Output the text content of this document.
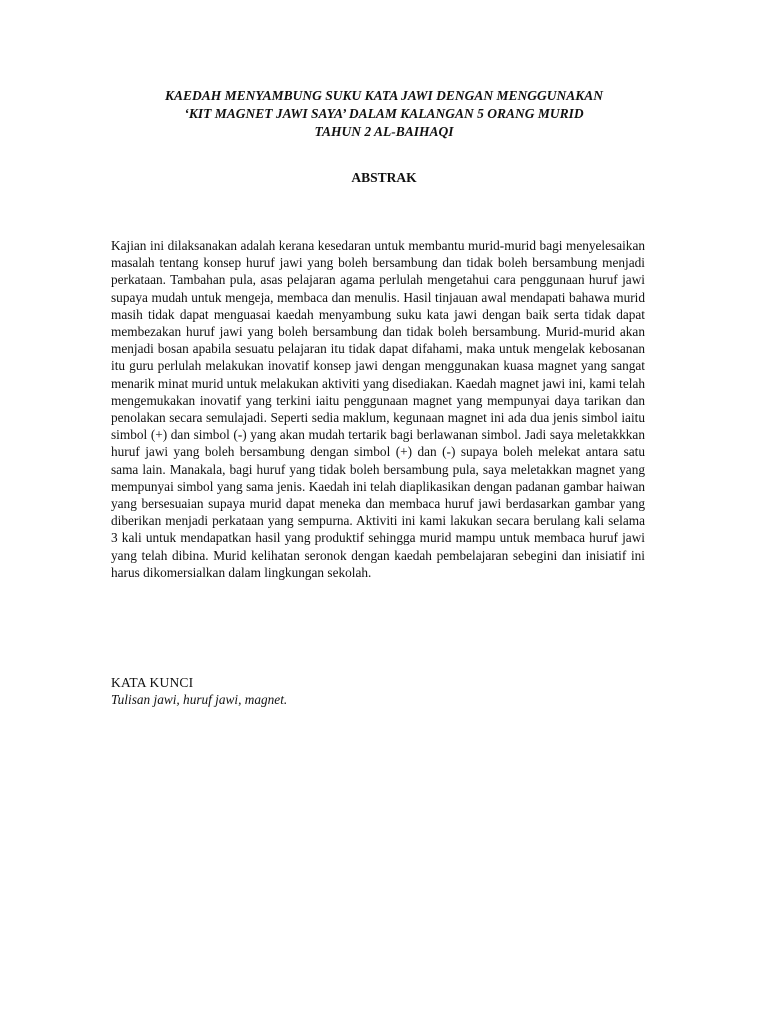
KAEDAH MENYAMBUNG SUKU KATA JAWI DENGAN MENGGUNAKAN
‘KIT MAGNET JAWI SAYA’ DALAM KALANGAN 5 ORANG MURID
TAHUN 2 AL-BAIHAQI
ABSTRAK

Kajian ini dilaksanakan adalah kerana kesedaran untuk membantu murid-murid bagi menyelesaikan masalah tentang konsep huruf jawi yang boleh bersambung dan tidak boleh bersambung menjadi perkataan. Tambahan pula, asas pelajaran agama perlulah mengetahui cara penggunaan huruf jawi supaya mudah untuk mengeja, membaca dan menulis. Hasil tinjauan awal mendapati bahawa murid masih tidak dapat menguasai kaedah menyambung suku kata jawi dengan baik serta tidak dapat membezakan huruf jawi yang boleh bersambung dan tidak boleh bersambung. Murid-murid akan menjadi bosan apabila sesuatu pelajaran itu tidak dapat difahami, maka untuk mengelak kebosanan itu guru perlulah melakukan inovatif konsep jawi dengan menggunakan kuasa magnet yang sangat menarik minat murid untuk melakukan aktiviti yang disediakan. Kaedah magnet jawi ini, kami telah mengemukakan inovatif yang terkini iaitu penggunaan magnet yang mempunyai daya tarikan dan penolakan secara semulajadi. Seperti sedia maklum, kegunaan magnet ini ada dua jenis simbol iaitu simbol (+) dan simbol (-) yang akan mudah tertarik bagi berlawanan simbol. Jadi saya meletakkkan huruf jawi yang boleh bersambung dengan simbol (+) dan (-) supaya boleh melekat antara satu sama lain. Manakala, bagi huruf yang tidak boleh bersambung pula, saya meletakkan magnet yang mempunyai simbol yang sama jenis. Kaedah ini telah diaplikasikan dengan padanan gambar haiwan yang bersesuaian supaya murid dapat meneka dan membaca huruf jawi berdasarkan gambar yang diberikan menjadi perkataan yang sempurna. Aktiviti ini kami lakukan secara berulang kali selama 3 kali untuk mendapatkan hasil yang produktif sehingga murid mampu untuk membaca huruf jawi yang telah dibina. Murid kelihatan seronok dengan kaedah pembelajaran sebegini dan inisiatif ini harus dikomersialkan dalam lingkungan sekolah.

KATA KUNCI

Tulisan jawi, huruf jawi, magnet.
